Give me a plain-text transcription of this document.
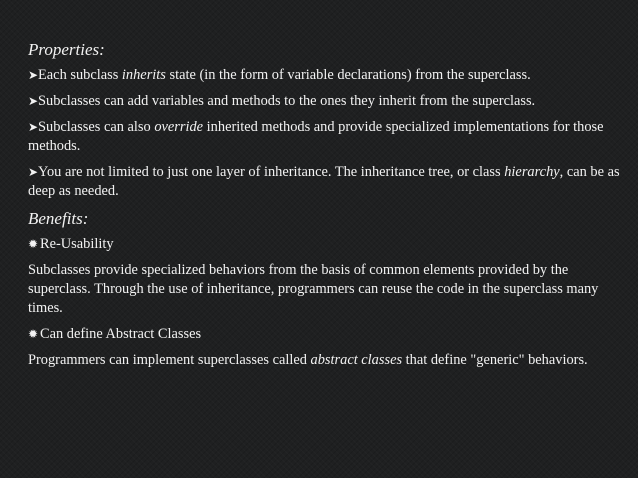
Properties:
➤Each subclass inherits state (in the form of variable declarations) from the superclass.
➤Subclasses can add variables and methods to the ones they inherit from the superclass.
➤Subclasses can also override inherited methods and provide specialized implementations for those methods.
➤You are not limited to just one layer of inheritance. The inheritance tree, or class hierarchy, can be as deep as needed.
Benefits:
✹ Re-Usability
Subclasses provide specialized behaviors from the basis of common elements provided by the superclass. Through the use of inheritance, programmers can reuse the code in the superclass many times.
✹ Can define Abstract Classes
Programmers can implement superclasses called abstract classes that define "generic" behaviors.
